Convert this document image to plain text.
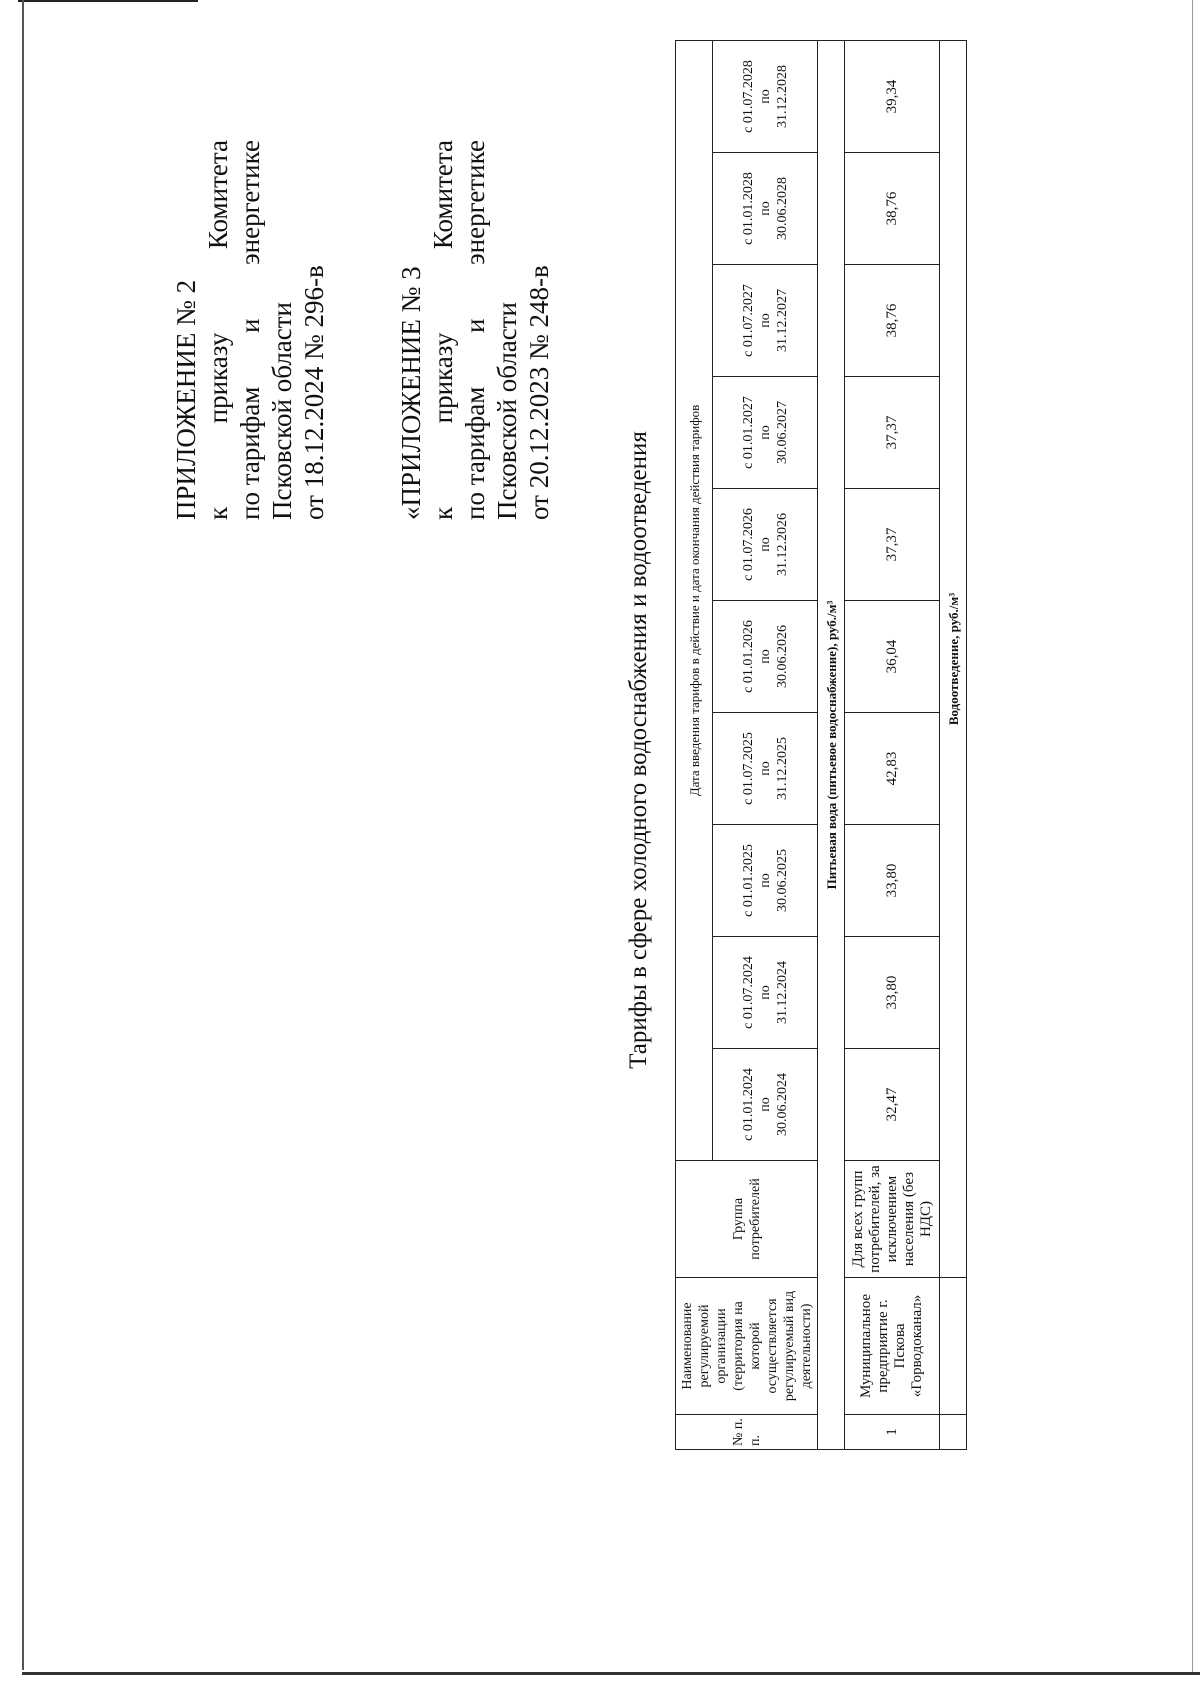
ПРИЛОЖЕНИЕ № 2 к
приказу
Комитета
по тарифам
и
энергетике
Псковской области от 18.12.2024 № 296-в «ПРИЛОЖЕНИЕ № 3 к
приказу
Комитета
по тарифам
и
энергетике
Псковской области от 20.12.2023 № 248-в
Тарифы в сфере холодного водоснабжения и водоотведения
№ п. п.	Наименование регулируемой организации (территория на которой осуществляется регулируемый вид деятельности)	Группа потребителей	Дата введения тарифов в действие и дата окончания действия тарифов									
			с 01.01.2024 по 30.06.2024	с 01.07.2024 по 31.12.2024	с 01.01.2025 по 30.06.2025	с 01.07.2025 по 31.12.2025	с 01.01.2026 по 30.06.2026	с 01.07.2026 по 31.12.2026	с 01.01.2027 по 30.06.2027	с 01.07.2027 по 31.12.2027	с 01.01.2028 по 30.06.2028	с 01.07.2028 по 31.12.2028
Питьевая вода (питьевое водоснабжение), руб./м³												
1	Муниципальное предприятие г. Пскова «Горводоканал»	Для всех групп потребителей, за исключением населения (без НДС)	32,47	33,80	33,80	42,83	36,04	37,37	37,37	38,76	38,76	39,34
		Водоотведение, руб./м³										
